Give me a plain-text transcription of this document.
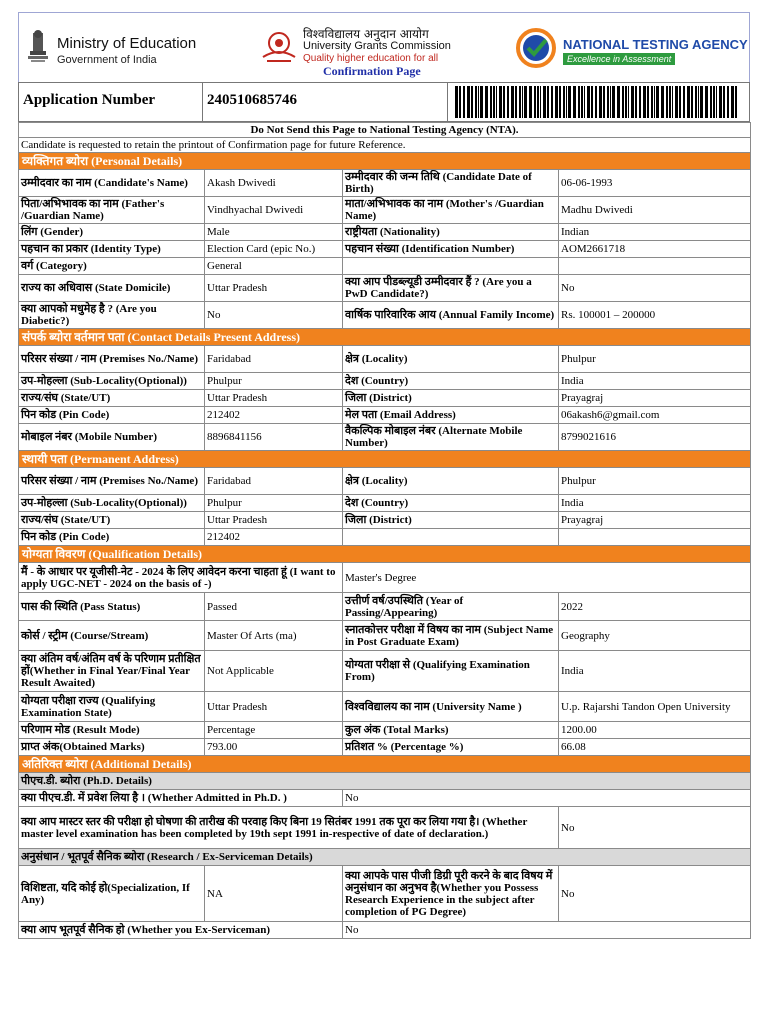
Ministry of Education
Government of India
विश्वविद्यालय अनुदान आयोग
University Grants Commission
Quality higher education for all
Confirmation Page
NATIONAL TESTING AGENCY
Excellence in Assessment
Application Number	240510685746
Do Not Send this Page to National Testing Agency (NTA).			
Candidate is requested to retain the printout of Confirmation page for future Reference.			
व्यक्तिगत ब्योरा (Personal Details)			
उम्मीदवार का नाम (Candidate's Name)	Akash Dwivedi	उम्मीदवार की जन्म तिथि (Candidate Date of Birth)	06-06-1993
पिता/अभिभावक का नाम (Father's /Guardian Name)	Vindhyachal Dwivedi	माता/अभिभावक का नाम (Mother's /Guardian Name)	Madhu Dwivedi
लिंग (Gender)	Male	राष्ट्रीयता (Nationality)	Indian
पहचान का प्रकार (Identity Type)	Election Card (epic No.)	पहचान संख्या (Identification Number)	AOM2661718
वर्ग (Category)	General		
राज्य का अधिवास (State Domicile)	Uttar Pradesh	क्या आप पीडब्ल्यूडी उम्मीदवार हैं ? (Are you a PwD Candidate?)	No
क्या आपको मधुमेह है ? (Are you Diabetic?)	No	वार्षिक पारिवारिक आय (Annual Family Income)	Rs. 100001 – 200000
संपर्क ब्योरा वर्तमान पता (Contact Details Present Address)			
परिसर संख्या / नाम (Premises No./Name)	Faridabad	क्षेत्र (Locality)	Phulpur
उप-मोहल्ला (Sub-Locality(Optional))	Phulpur	देश (Country)	India
राज्य/संघ (State/UT)	Uttar Pradesh	जिला (District)	Prayagraj
पिन कोड (Pin Code)	212402	मेल पता (Email Address)	06akash6@gmail.com
मोबाइल नंबर (Mobile Number)	8896841156	वैकल्पिक मोबाइल नंबर (Alternate Mobile Number)	8799021616
स्थायी पता (Permanent Address)			
परिसर संख्या / नाम (Premises No./Name)	Faridabad	क्षेत्र (Locality)	Phulpur
उप-मोहल्ला (Sub-Locality(Optional))	Phulpur	देश (Country)	India
राज्य/संघ (State/UT)	Uttar Pradesh	जिला (District)	Prayagraj
पिन कोड (Pin Code)	212402		
योग्यता विवरण (Qualification Details)			
मैं - के आधार पर यूजीसी-नेट - 2024 के लिए आवेदन करना चाहता हूं (I want to apply UGC-NET - 2024 on the basis of -)		Master's Degree	
पास की स्थिति (Pass Status)	Passed	उत्तीर्ण वर्ष/उपस्थिति (Year of Passing/Appearing)	2022
कोर्स / स्ट्रीम (Course/Stream)	Master Of Arts (ma)	स्नातकोत्तर परीक्षा में विषय का नाम (Subject Name in Post Graduate Exam)	Geography
क्या अंतिम वर्ष/अंतिम वर्ष के परिणाम प्रतीक्षित हों(Whether in Final Year/Final Year Result Awaited)	Not Applicable	योग्यता परीक्षा से (Qualifying Examination From)	India
योग्यता परीक्षा राज्य (Qualifying Examination State)	Uttar Pradesh	विश्वविद्यालय का नाम (University Name )	U.p. Rajarshi Tandon Open University
परिणाम मोड (Result Mode)	Percentage	कुल अंक (Total Marks)	1200.00
प्राप्त अंक(Obtained Marks)	793.00	प्रतिशत % (Percentage %)	66.08
अतिरिक्त ब्योरा (Additional Details)			
पीएच.डी. ब्योरा (Ph.D. Details)			
क्या पीएच.डी. में प्रवेश लिया है । (Whether Admitted in Ph.D. )		No	
क्या आप मास्टर स्तर की परीक्षा हो घोषणा की तारीख की परवाह किए बिना 19 सितंबर 1991 तक पूरा कर लिया गया है। (Whether master level examination has been completed by 19th sept 1991 in-respective of date of declaration.)			No
अनुसंधान / भूतपूर्व सैनिक ब्योरा (Research / Ex-Serviceman Details)			
विशिष्टता, यदि कोई हो(Specialization, If Any)	NA	क्या आपके पास पीजी डिग्री पूरी करने के बाद विषय में अनुसंधान का अनुभव है(Whether you Possess Research Experience in the subject after completion of PG Degree)	No
क्या आप भूतपूर्व सैनिक हो (Whether you Ex-Serviceman)		No	
